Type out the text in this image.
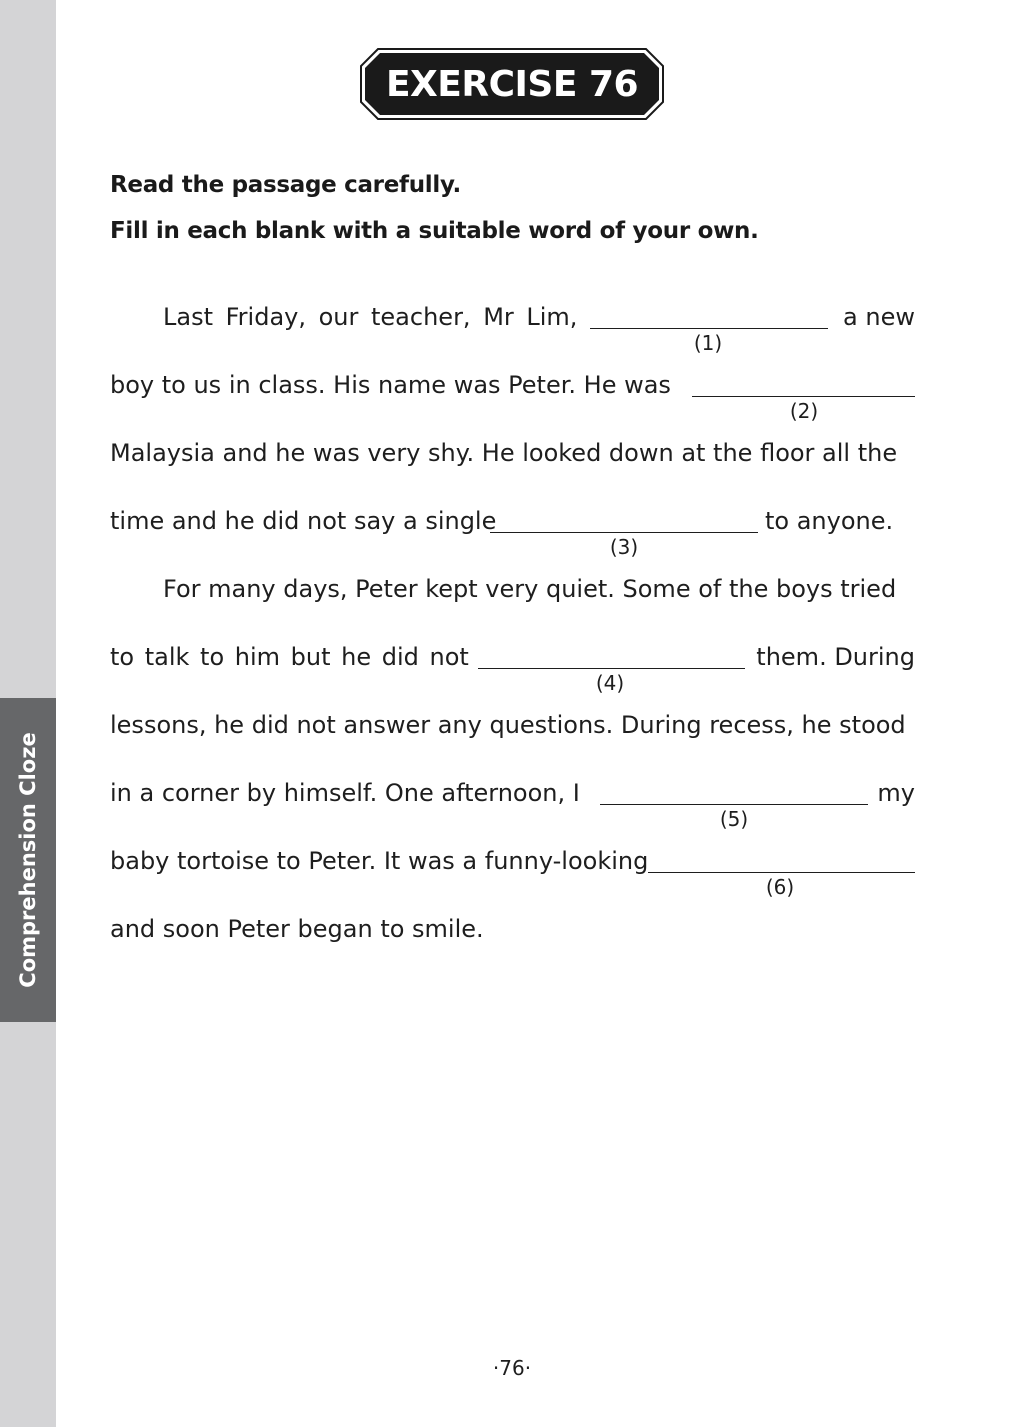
Comprehension Cloze
EXERCISE 76
Read the passage carefully.
Fill in each blank with a suitable word of your own.
Last Friday, our teacher, Mr Lim,	a new
(1)
boy to us in class. His name was Peter. He was
(2)
Malaysia and he was very shy. He looked down at the floor all the
time and he did not say a single	to anyone.
(3)
For many days, Peter kept very quiet. Some of the boys tried
to talk to him but he did not	them. During
(4)
lessons, he did not answer any questions. During recess, he stood
in a corner by himself. One afternoon, I	my
(5)
baby tortoise to Peter. It was a funny-looking
(6)
and soon Peter began to smile.
·76·
